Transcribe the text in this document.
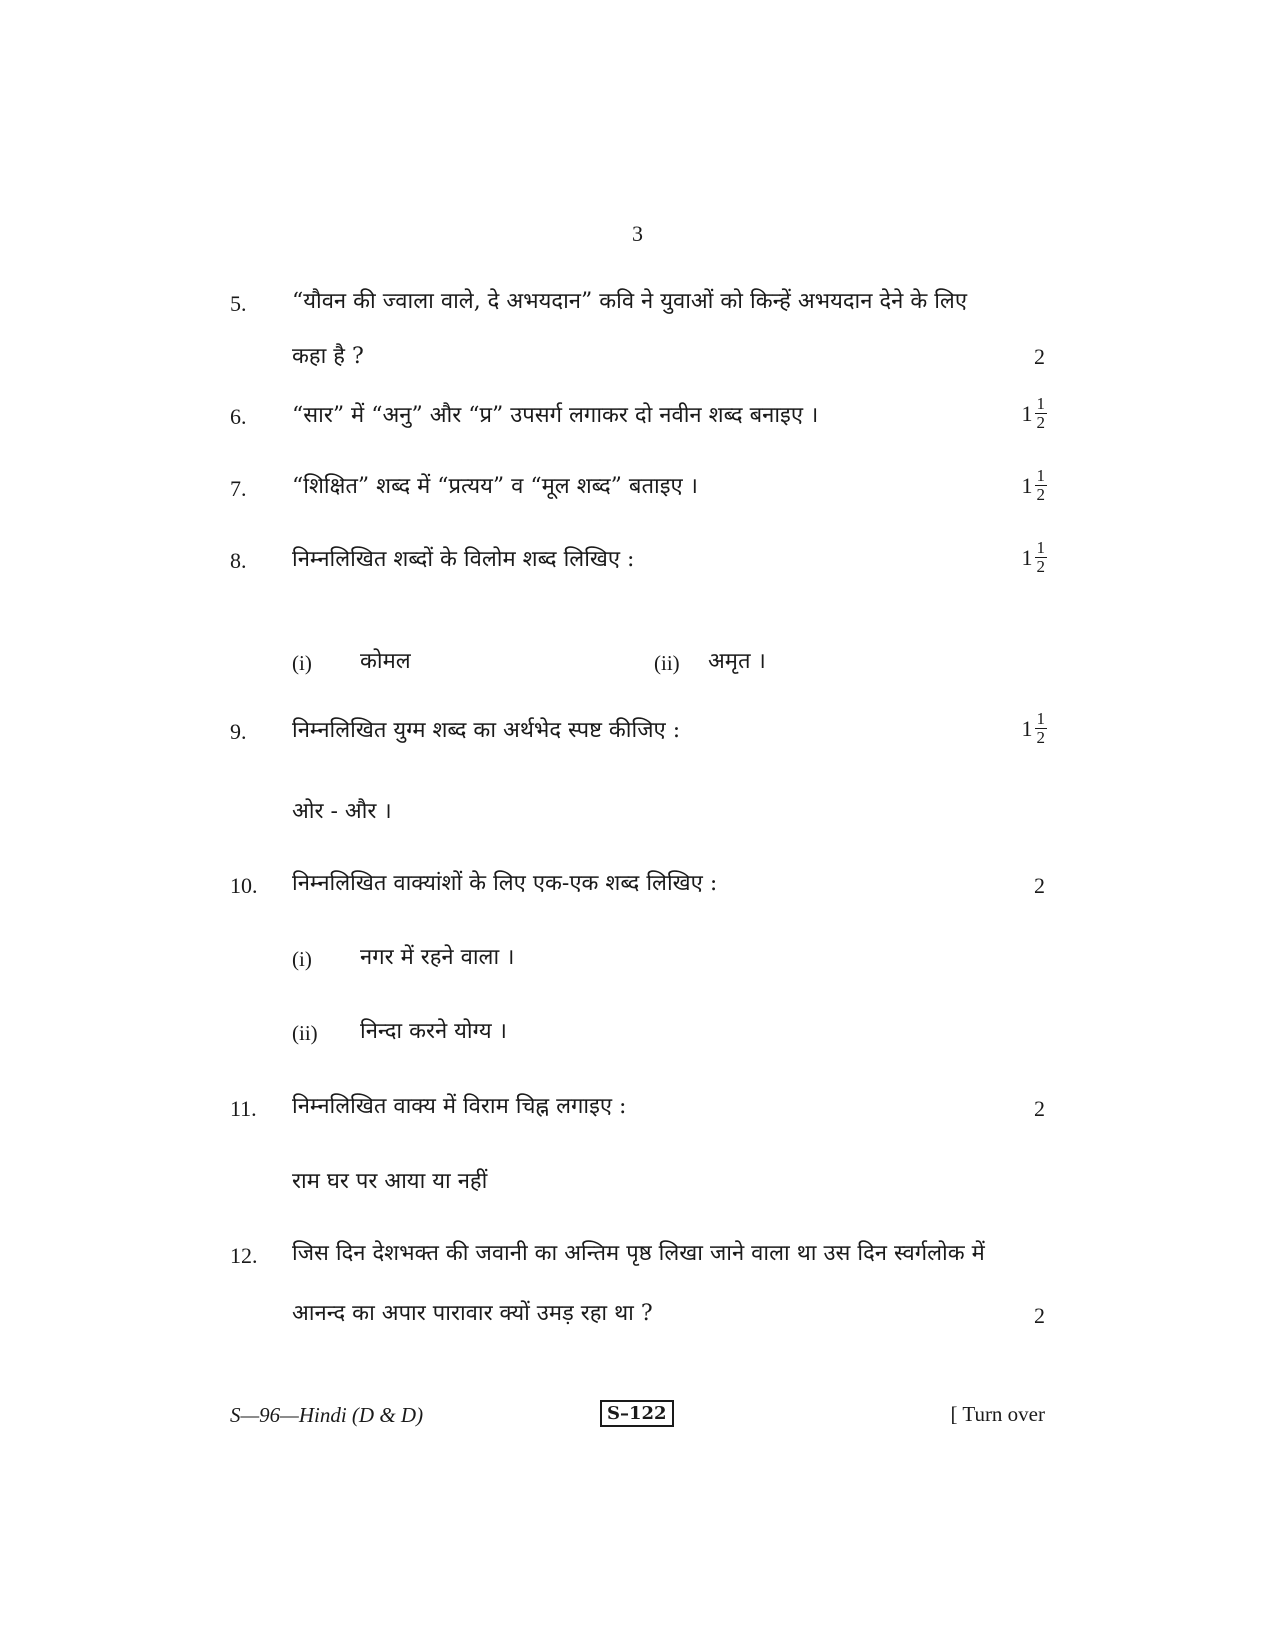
3
5. “यौवन की ज्वाला वाले, दे अभयदान” कवि ने युवाओं को किन्हें अभयदान देने के लिए
कहा है ?	2
6. “सार” में “अनु” और “प्र” उपसर्ग लगाकर दो नवीन शब्द बनाइए ।	$1 \frac{1}{2}$
7. “शिक्षित” शब्द में “प्रत्यय” व “मूल शब्द” बताइए ।	$1 \frac{1}{2}$
8. निम्नलिखित शब्दों के विलोम शब्द लिखिए :	$1 \frac{1}{2}$
(i) कोमल	(ii) अमृत ।
9. निम्नलिखित युग्म शब्द का अर्थभेद स्पष्ट कीजिए :	$1 \frac{1}{2}$
ओर - और ।
10. निम्नलिखित वाक्यांशों के लिए एक-एक शब्द लिखिए :	2
(i) नगर में रहने वाला ।
(ii) निन्दा करने योग्य ।
11. निम्नलिखित वाक्य में विराम चिह्न लगाइए :	2
राम घर पर आया या नहीं
12. जिस दिन देशभक्त की जवानी का अन्तिम पृष्ठ लिखा जाने वाला था उस दिन स्वर्गलोक में
आनन्द का अपार पारावार क्यों उमड़ रहा था ?	2
S—96—Hindi (D & D)	S–122	[ Turn over
